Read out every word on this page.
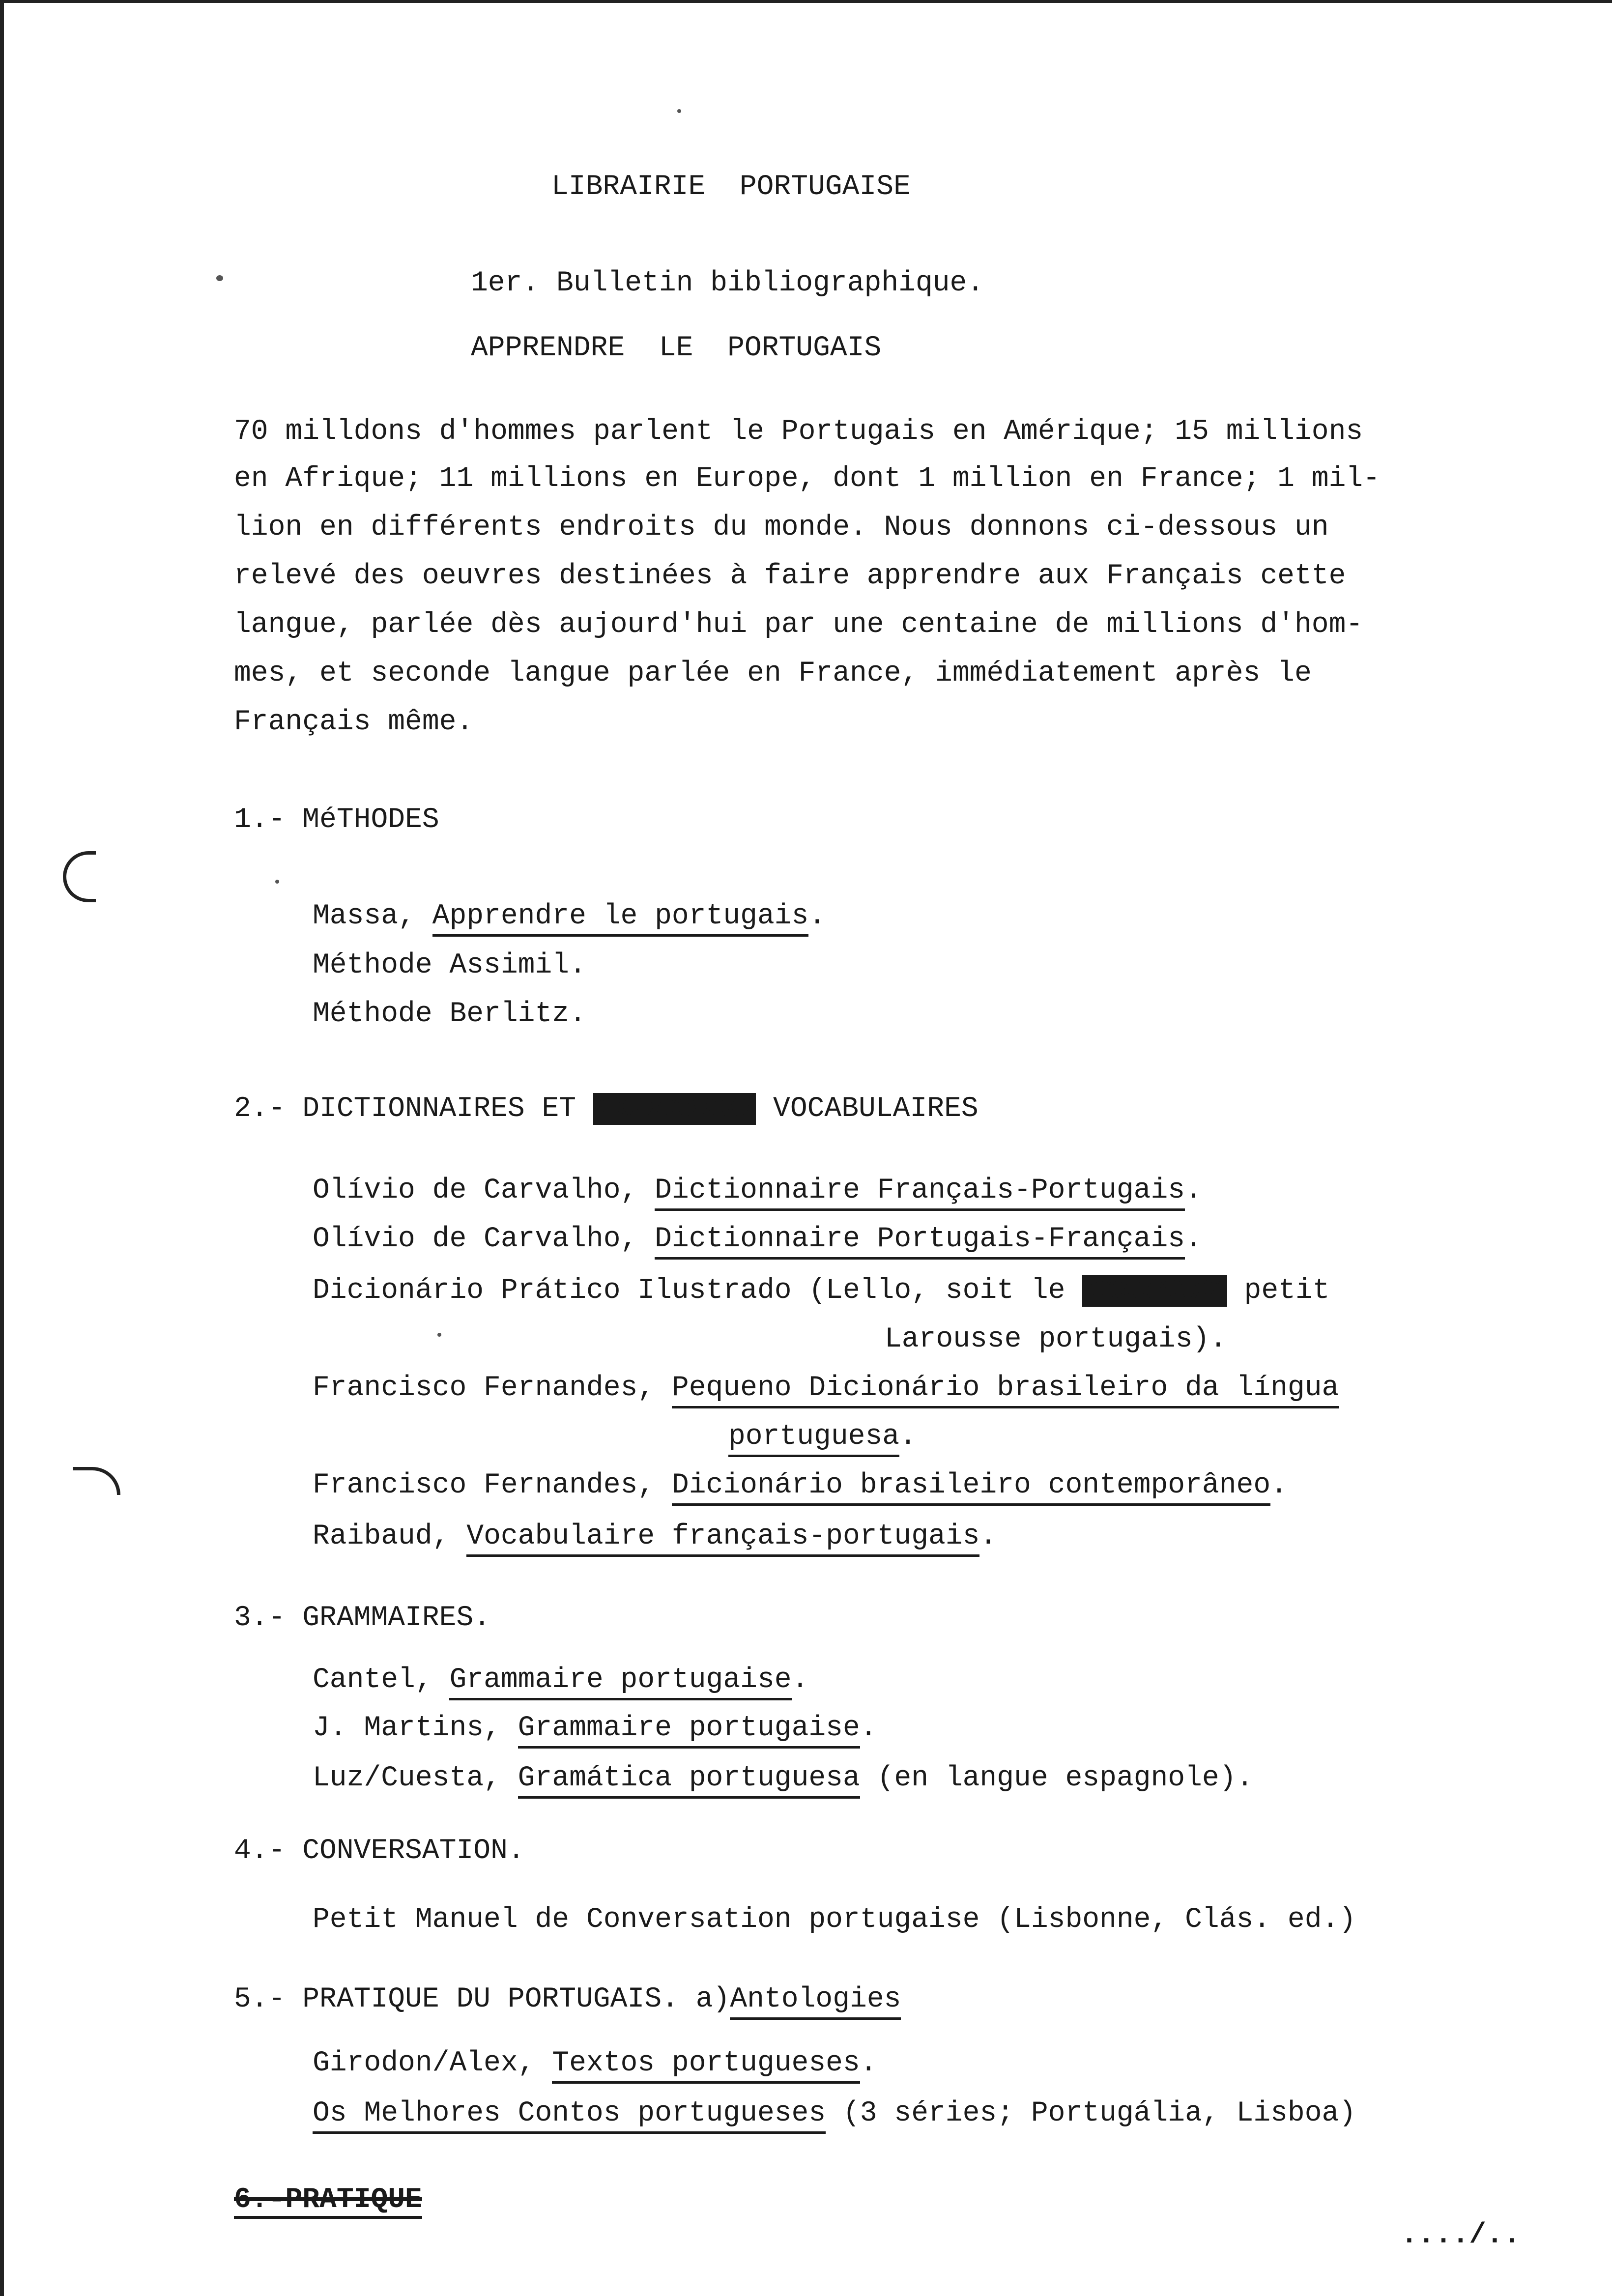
LIBRAIRIE  PORTUGAISE
1er. Bulletin bibliographique.
APPRENDRE  LE  PORTUGAIS
70 milldons d'hommes parlent le Portugais en Amérique; 15 millions
en Afrique; 11 millions en Europe, dont 1 million en France; 1 mil-
lion en différents endroits du monde. Nous donnons ci-dessous un
relevé des oeuvres destinées à faire apprendre aux Français cette
langue, parlée dès aujourd'hui par une centaine de millions d'hom-
mes, et seconde langue parlée en France, immédiatement après le
Français même.
1.- MéTHODES
Massa, Apprendre le portugais.
Méthode Assimil.
Méthode Berlitz.
2.- DICTIONNAIRES ET XXXXXXXXX VOCABULAIRES
Olívio de Carvalho, Dictionnaire Français-Portugais.
Olívio de Carvalho, Dictionnaire Portugais-Français.
Dicionário Prático Ilustrado (Lello, soit le XXXXXXXX petit
Larousse portugais).
Francisco Fernandes, Pequeno Dicionário brasileiro da língua
portuguesa.
Francisco Fernandes, Dicionário brasileiro contemporâneo.
Raibaud, Vocabulaire français-portugais.
3.- GRAMMAIRES.
Cantel, Grammaire portugaise.
J. Martins, Grammaire portugaise.
Luz/Cuesta, Gramática portuguesa (en langue espagnole).
4.- CONVERSATION.
Petit Manuel de Conversation portugaise (Lisbonne, Clás. ed.)
5.- PRATIQUE DU PORTUGAIS. a)Antologies
Girodon/Alex, Textos portugueses.
Os Melhores Contos portugueses (3 séries; Portugália, Lisboa)
6.-PRATIQUE
..../..
